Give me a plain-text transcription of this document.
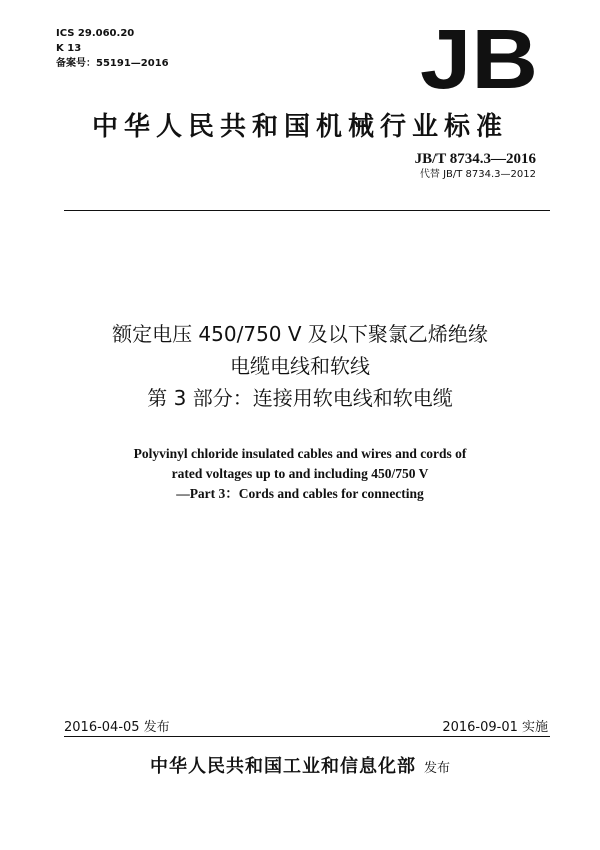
ICS 29.060.20
K 13
备案号：55191—2016	JB
中华人民共和国机械行业标准
JB/T 8734.3—2016
代替 JB/T 8734.3—2012
额定电压 450/750 V 及以下聚氯乙烯绝缘
电缆电线和软线
第 3 部分：连接用软电线和软电缆
Polyvinyl chloride insulated cables and wires and cords of
rated voltages up to and including 450/750 V
—Part 3：Cords and cables for connecting
2016-04-05 发布	2016-09-01 实施
中华人民共和国工业和信息化部 发布
